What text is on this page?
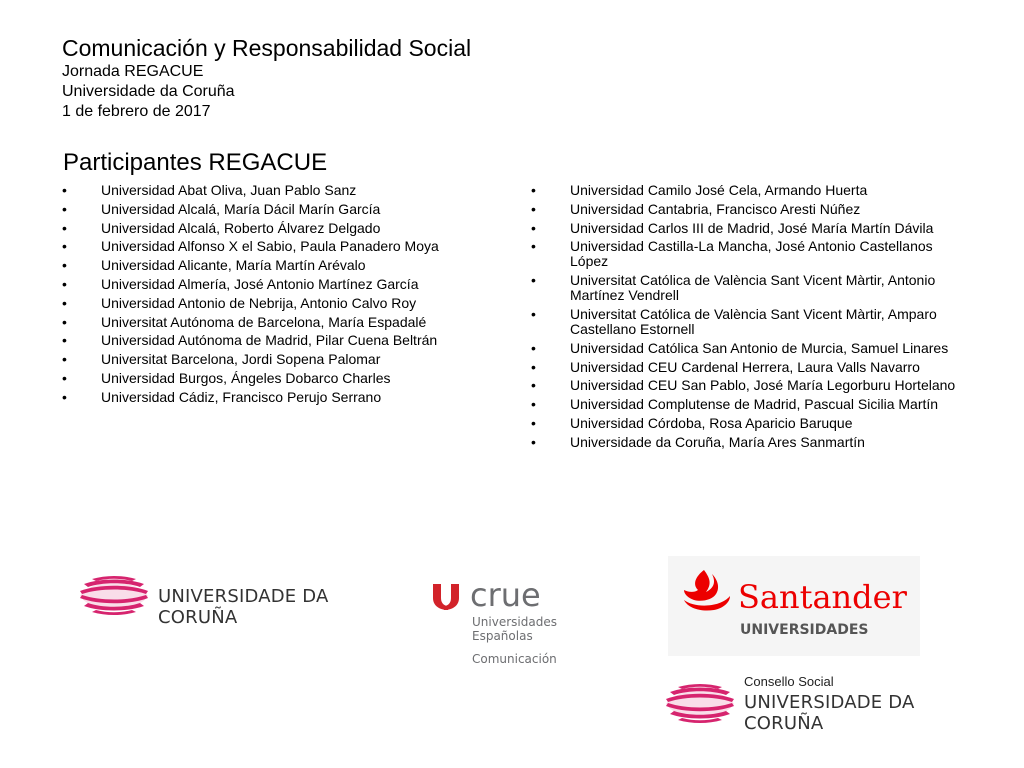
Comunicación y Responsabilidad Social
Jornada REGACUE
Universidade da Coruña
1 de febrero de 2017
Participantes REGACUE
• Universidad Abat Oliva, Juan Pablo Sanz
• Universidad Alcalá, María Dácil Marín García
• Universidad Alcalá, Roberto Álvarez Delgado
• Universidad Alfonso X el Sabio, Paula Panadero Moya
• Universidad Alicante, María Martín Arévalo
• Universidad Almería, José Antonio Martínez García
• Universidad Antonio de Nebrija, Antonio Calvo Roy
• Universitat Autónoma de Barcelona, María Espadalé
• Universidad Autónoma de Madrid, Pilar Cuena Beltrán
• Universitat Barcelona, Jordi Sopena Palomar
• Universidad Burgos, Ángeles Dobarco Charles
• Universidad Cádiz, Francisco Perujo Serrano
• Universidad Camilo José Cela, Armando Huerta
• Universidad Cantabria, Francisco Aresti Núñez
• Universidad Carlos III de Madrid, José María Martín Dávila
• Universidad Castilla-La Mancha, José Antonio Castellanos López
• Universitat Católica de València Sant Vicent Màrtir, Antonio Martínez Vendrell
• Universitat Católica de València Sant Vicent Màrtir, Amparo Castellano Estornell
• Universidad Católica San Antonio de Murcia, Samuel Linares
• Universidad CEU Cardenal Herrera, Laura Valls Navarro
• Universidad CEU San Pablo, José María Legorburu Hortelano
• Universidad Complutense de Madrid, Pascual Sicilia Martín
• Universidad Córdoba, Rosa Aparicio Baruque
• Universidade da Coruña, María Ares Sanmartín
UNIVERSIDADE DA CORUÑA
crue
Universidades
Españolas
Comunicación
Santander
UNIVERSIDADES
Consello Social
UNIVERSIDADE DA CORUÑA
